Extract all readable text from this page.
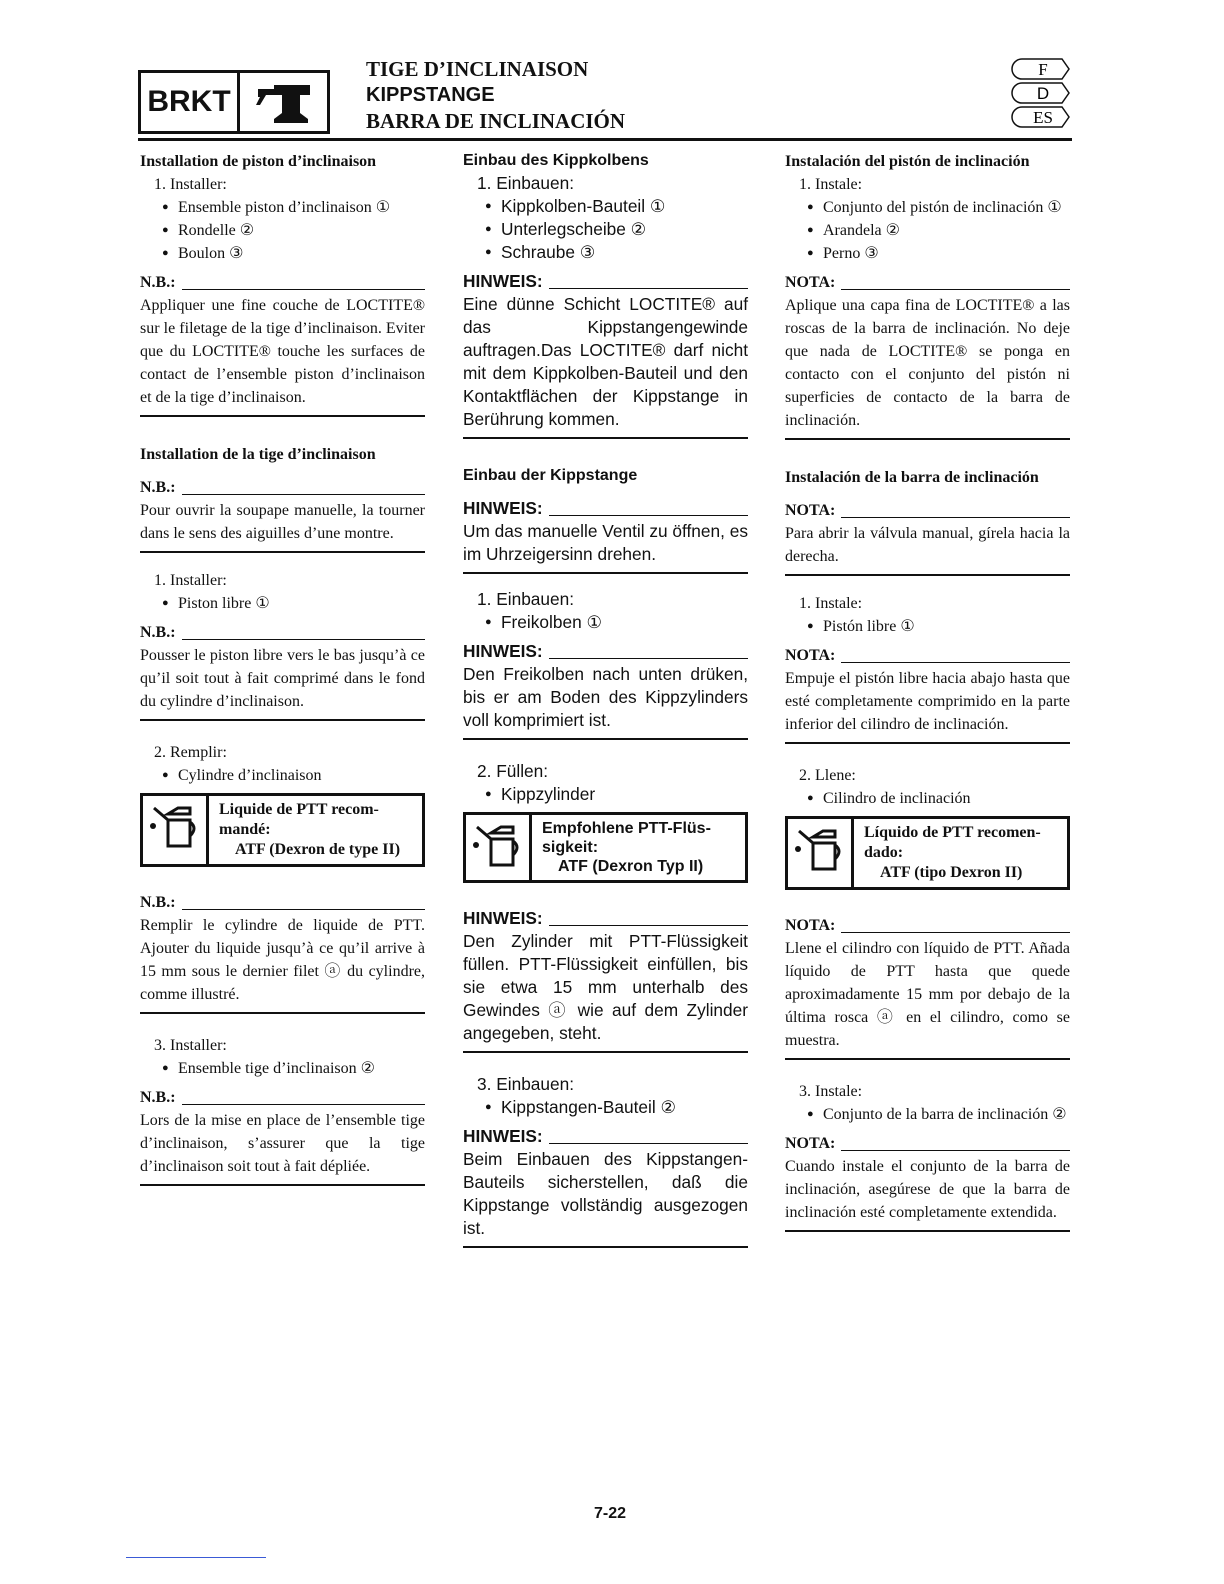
BRKT
TIGE D’INCLINAISON
KIPPSTANGE
BARRA DE INCLINACIÓN
F
D
ES

Installation de piston d’inclinaison

1. Installer:

● Ensemble piston d’inclinaison ①

● Rondelle ②

● Boulon ③

N.B.:

Appliquer une fine couche de LOCTITE® sur le filetage de la tige d’inclinaison. Eviter que du LOCTITE® touche les surfaces de contact de l’ensemble piston d’inclinaison et de la tige d’inclinaison.

Installation de la tige d’inclinaison

N.B.:

Pour ouvrir la soupape manuelle, la tourner dans le sens des aiguilles d’une montre.

1. Installer:

● Piston libre ①

N.B.:

Pousser le piston libre vers le bas jusqu’à ce qu’il soit tout à fait comprimé dans le fond du cylindre d’inclinaison.

2. Remplir:

● Cylindre d’inclinaison

Liquide de PTT recom-
mandé:
ATF (Dexron de type II)
N.B.:

Remplir le cylindre de liquide de PTT. Ajouter du liquide jusqu’à ce qu’il arrive à 15 mm sous le dernier filet ⓐ du cylindre, comme illustré.

3. Installer:

● Ensemble tige d’inclinaison ②

N.B.:

Lors de la mise en place de l’ensemble tige d’inclinaison, s’assurer que la tige d’inclinaison soit tout à fait dépliée.

Einbau des Kippkolbens

1. Einbauen:

● Kippkolben-Bauteil ①

● Unterlegscheibe ②

● Schraube ③

HINWEIS:

Eine dünne Schicht LOCTITE® auf das Kippstangengewinde auftragen.Das LOCTITE® darf nicht mit dem Kippkolben-Bauteil und den Kontaktflächen der Kippstange in Berührung kommen.

Einbau der Kippstange

HINWEIS:

Um das manuelle Ventil zu öffnen, es im Uhrzeigersinn drehen.

1. Einbauen:

● Freikolben ①

HINWEIS:

Den Freikolben nach unten drüken, bis er am Boden des Kippzylinders voll komprimiert ist.

2. Füllen:

● Kippzylinder

Empfohlene PTT-Flüs-
sigkeit:
ATF (Dexron Typ II)
HINWEIS:

Den Zylinder mit PTT-Flüssigkeit füllen. PTT-Flüssigkeit einfüllen, bis sie etwa 15 mm unterhalb des Gewindes ⓐ wie auf dem Zylinder angegeben, steht.

3. Einbauen:

● Kippstangen-Bauteil ②

HINWEIS:

Beim Einbauen des Kippstangen-Bauteils sicherstellen, daß die Kippstange vollständig ausgezogen ist.

Instalación del pistón de inclinación

1. Instale:

● Conjunto del pistón de inclinación ①

● Arandela ②

● Perno ③

NOTA:

Aplique una capa fina de LOCTITE® a las roscas de la barra de inclinación. No deje que nada de LOCTITE® se ponga en contacto con el conjunto del pistón ni superficies de contacto de la barra de inclinación.

Instalación de la barra de inclinación

NOTA:

Para abrir la válvula manual, gírela hacia la derecha.

1. Instale:

● Pistón libre ①

NOTA:

Empuje el pistón libre hacia abajo hasta que esté completamente comprimido en la parte inferior del cilindro de inclinación.

2. Llene:

● Cilindro de inclinación

Líquido de PTT recomen-
dado:
ATF (tipo Dexron II)
NOTA:

Llene el cilindro con líquido de PTT. Añada líquido de PTT hasta que quede aproximadamente 15 mm por debajo de la última rosca ⓐ en el cilindro, como se muestra.

3. Instale:

● Conjunto de la barra de inclinación ②

NOTA:

Cuando instale el conjunto de la barra de inclinación, asegúrese de que la barra de inclinación esté completamente extendida.

7-22
